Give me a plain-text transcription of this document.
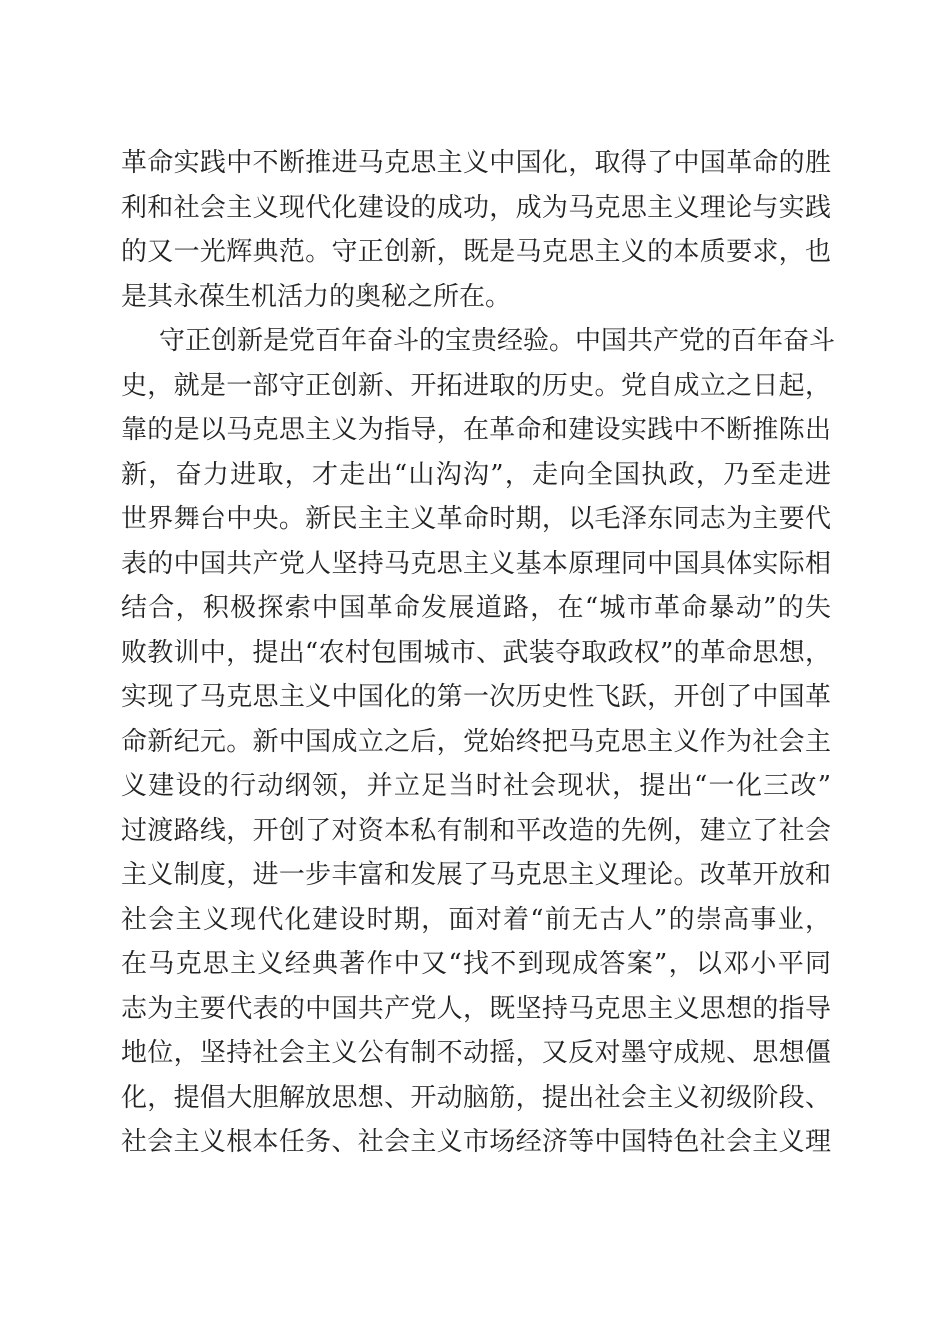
革命实践中不断推进马克思主义中国化，取得了中国革命的胜
利和社会主义现代化建设的成功，成为马克思主义理论与实践
的又一光辉典范。守正创新，既是马克思主义的本质要求，也
是其永葆生机活力的奥秘之所在。
守正创新是党百年奋斗的宝贵经验。中国共产党的百年奋斗
史，就是一部守正创新、开拓进取的历史。党自成立之日起，
靠的是以马克思主义为指导，在革命和建设实践中不断推陈出
新，奋力进取，才走出“山沟沟”，走向全国执政，乃至走进
世界舞台中央。新民主主义革命时期，以毛泽东同志为主要代
表的中国共产党人坚持马克思主义基本原理同中国具体实际相
结合，积极探索中国革命发展道路，在“城市革命暴动”的失
败教训中，提出“农村包围城市、武装夺取政权”的革命思想，
实现了马克思主义中国化的第一次历史性飞跃，开创了中国革
命新纪元。新中国成立之后，党始终把马克思主义作为社会主
义建设的行动纲领，并立足当时社会现状，提出“一化三改”
过渡路线，开创了对资本私有制和平改造的先例，建立了社会
主义制度，进一步丰富和发展了马克思主义理论。改革开放和
社会主义现代化建设时期，面对着“前无古人”的崇高事业，
在马克思主义经典著作中又“找不到现成答案”，以邓小平同
志为主要代表的中国共产党人，既坚持马克思主义思想的指导
地位，坚持社会主义公有制不动摇，又反对墨守成规、思想僵
化，提倡大胆解放思想、开动脑筋，提出社会主义初级阶段、
社会主义根本任务、社会主义市场经济等中国特色社会主义理
